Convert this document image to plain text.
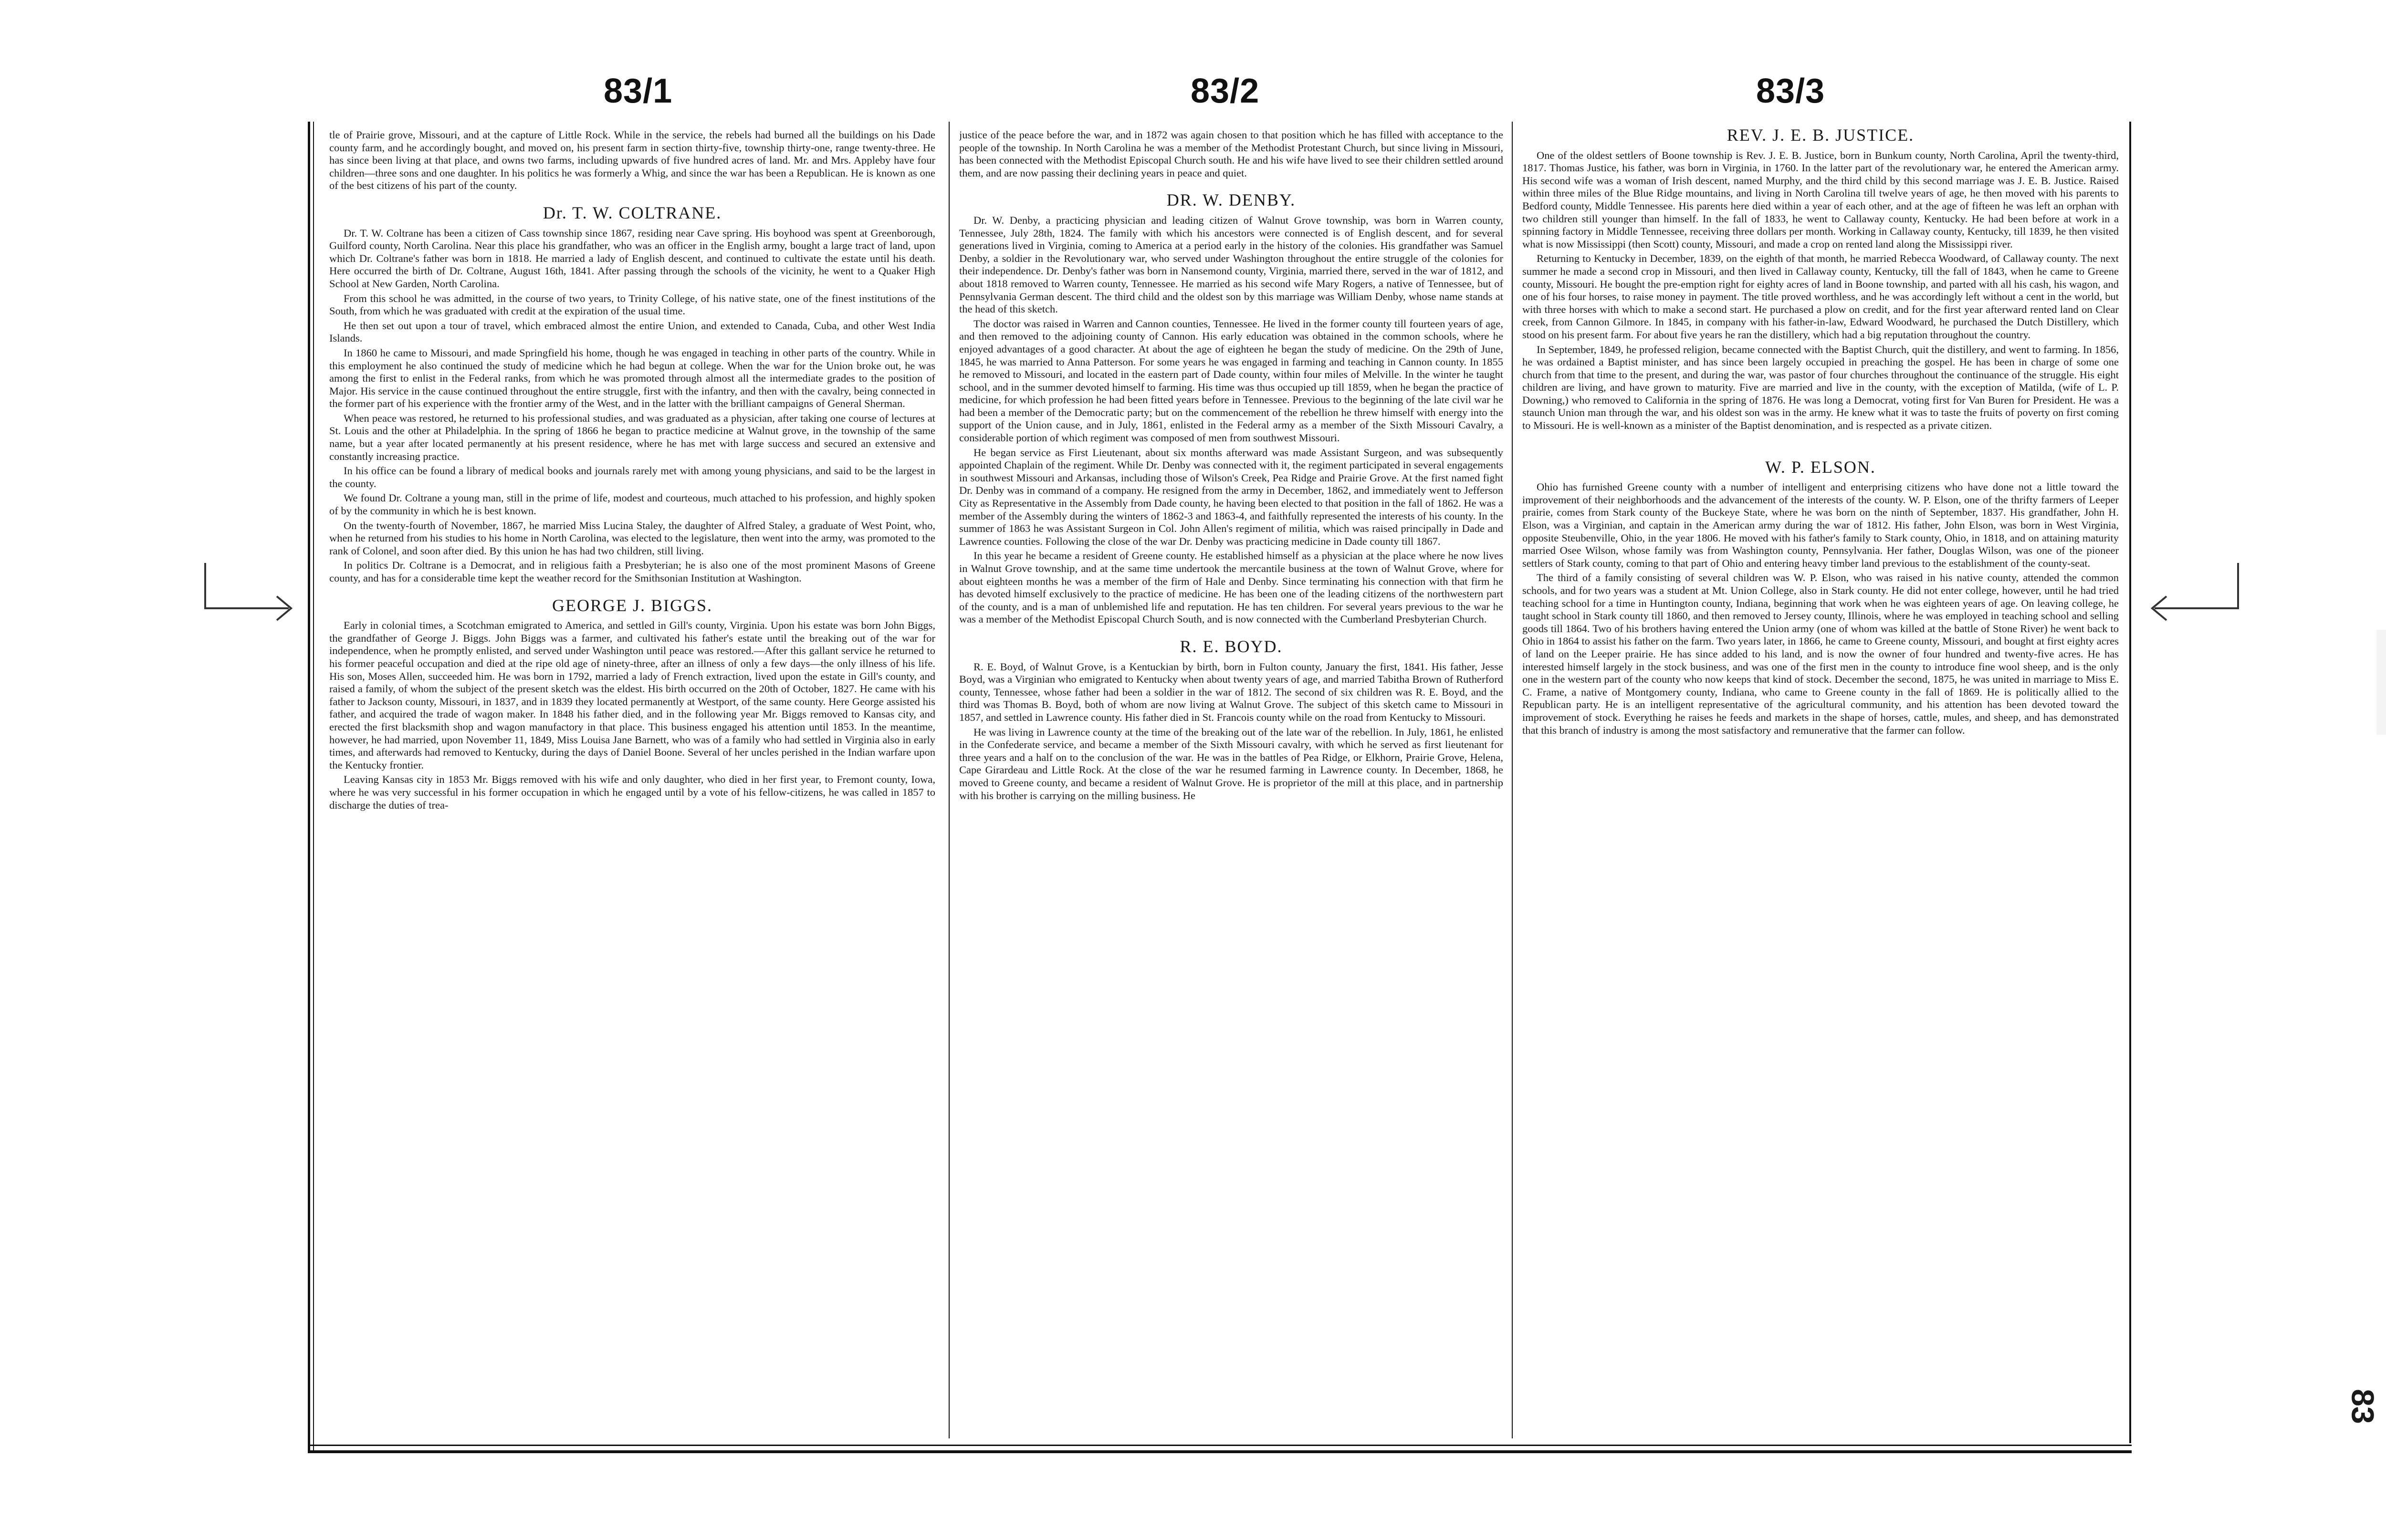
83/1	83/2	83/3

tle of Prairie grove, Missouri, and at the capture of Little Rock. While in the service, the rebels had burned all the buildings on his Dade county farm, and he accordingly bought, and moved on, his present farm in section thirty-five, township thirty-one, range twenty-three. He has since been living at that place, and owns two farms, including upwards of five hundred acres of land. Mr. and Mrs. Appleby have four children—three sons and one daughter. In his politics he was formerly a Whig, and since the war has been a Republican. He is known as one of the best citizens of his part of the county.

Dr. T. W. COLTRANE.

Dr. T. W. Coltrane has been a citizen of Cass township since 1867, residing near Cave spring. His boyhood was spent at Greenborough, Guilford county, North Carolina. Near this place his grandfather, who was an officer in the English army, bought a large tract of land, upon which Dr. Coltrane's father was born in 1818. He married a lady of English descent, and continued to cultivate the estate until his death. Here occurred the birth of Dr. Coltrane, August 16th, 1841. After passing through the schools of the vicinity, he went to a Quaker High School at New Garden, North Carolina.

From this school he was admitted, in the course of two years, to Trinity College, of his native state, one of the finest institutions of the South, from which he was graduated with credit at the expiration of the usual time.

He then set out upon a tour of travel, which embraced almost the entire Union, and extended to Canada, Cuba, and other West India Islands.

In 1860 he came to Missouri, and made Springfield his home, though he was engaged in teaching in other parts of the country. While in this employment he also continued the study of medicine which he had begun at college. When the war for the Union broke out, he was among the first to enlist in the Federal ranks, from which he was promoted through almost all the intermediate grades to the position of Major. His service in the cause continued throughout the entire struggle, first with the infantry, and then with the cavalry, being connected in the former part of his experience with the frontier army of the West, and in the latter with the brilliant campaigns of General Sherman.

When peace was restored, he returned to his professional studies, and was graduated as a physician, after taking one course of lectures at St. Louis and the other at Philadelphia. In the spring of 1866 he began to practice medicine at Walnut grove, in the township of the same name, but a year after located permanently at his present residence, where he has met with large success and secured an extensive and constantly increasing practice.

In his office can be found a library of medical books and journals rarely met with among young physicians, and said to be the largest in the county.

We found Dr. Coltrane a young man, still in the prime of life, modest and courteous, much attached to his profession, and highly spoken of by the community in which he is best known.

On the twenty-fourth of November, 1867, he married Miss Lucina Staley, the daughter of Alfred Staley, a graduate of West Point, who, when he returned from his studies to his home in North Carolina, was elected to the legislature, then went into the army, was promoted to the rank of Colonel, and soon after died. By this union he has had two children, still living.

In politics Dr. Coltrane is a Democrat, and in religious faith a Presbyterian; he is also one of the most prominent Masons of Greene county, and has for a considerable time kept the weather record for the Smithsonian Institution at Washington.

GEORGE J. BIGGS.

Early in colonial times, a Scotchman emigrated to America, and settled in Gill's county, Virginia. Upon his estate was born John Biggs, the grandfather of George J. Biggs. John Biggs was a farmer, and cultivated his father's estate until the breaking out of the war for independence, when he promptly enlisted, and served under Washington until peace was restored.—After this gallant service he returned to his former peaceful occupation and died at the ripe old age of ninety-three, after an illness of only a few days—the only illness of his life. His son, Moses Allen, succeeded him. He was born in 1792, married a lady of French extraction, lived upon the estate in Gill's county, and raised a family, of whom the subject of the present sketch was the eldest. His birth occurred on the 20th of October, 1827. He came with his father to Jackson county, Missouri, in 1837, and in 1839 they located permanently at Westport, of the same county. Here George assisted his father, and acquired the trade of wagon maker. In 1848 his father died, and in the following year Mr. Biggs removed to Kansas city, and erected the first blacksmith shop and wagon manufactory in that place. This business engaged his attention until 1853. In the meantime, however, he had married, upon November 11, 1849, Miss Louisa Jane Barnett, who was of a family who had settled in Virginia also in early times, and afterwards had removed to Kentucky, during the days of Daniel Boone. Several of her uncles perished in the Indian warfare upon the Kentucky frontier.

Leaving Kansas city in 1853 Mr. Biggs removed with his wife and only daughter, who died in her first year, to Fremont county, Iowa, where he was very successful in his former occupation in which he engaged until by a vote of his fellow-citizens, he was called in 1857 to discharge the duties of trea-

justice of the peace before the war, and in 1872 was again chosen to that position which he has filled with acceptance to the people of the township. In North Carolina he was a member of the Methodist Protestant Church, but since living in Missouri, has been connected with the Methodist Episcopal Church south. He and his wife have lived to see their children settled around them, and are now passing their declining years in peace and quiet.

DR. W. DENBY.

Dr. W. Denby, a practicing physician and leading citizen of Walnut Grove township, was born in Warren county, Tennessee, July 28th, 1824. The family with which his ancestors were connected is of English descent, and for several generations lived in Virginia, coming to America at a period early in the history of the colonies. His grandfather was Samuel Denby, a soldier in the Revolutionary war, who served under Washington throughout the entire struggle of the colonies for their independence. Dr. Denby's father was born in Nansemond county, Virginia, married there, served in the war of 1812, and about 1818 removed to Warren county, Tennessee. He married as his second wife Mary Rogers, a native of Tennessee, but of Pennsylvania German descent. The third child and the oldest son by this marriage was William Denby, whose name stands at the head of this sketch.

The doctor was raised in Warren and Cannon counties, Tennessee. He lived in the former county till fourteen years of age, and then removed to the adjoining county of Cannon. His early education was obtained in the common schools, where he enjoyed advantages of a good character. At about the age of eighteen he began the study of medicine. On the 29th of June, 1845, he was married to Anna Patterson. For some years he was engaged in farming and teaching in Cannon county. In 1855 he removed to Missouri, and located in the eastern part of Dade county, within four miles of Melville. In the winter he taught school, and in the summer devoted himself to farming. His time was thus occupied up till 1859, when he began the practice of medicine, for which profession he had been fitted years before in Tennessee. Previous to the beginning of the late civil war he had been a member of the Democratic party; but on the commencement of the rebellion he threw himself with energy into the support of the Union cause, and in July, 1861, enlisted in the Federal army as a member of the Sixth Missouri Cavalry, a considerable portion of which regiment was composed of men from southwest Missouri.

He began service as First Lieutenant, about six months afterward was made Assistant Surgeon, and was subsequently appointed Chaplain of the regiment. While Dr. Denby was connected with it, the regiment participated in several engagements in southwest Missouri and Arkansas, including those of Wilson's Creek, Pea Ridge and Prairie Grove. At the first named fight Dr. Denby was in command of a company. He resigned from the army in December, 1862, and immediately went to Jefferson City as Representative in the Assembly from Dade county, he having been elected to that position in the fall of 1862. He was a member of the Assembly during the winters of 1862-3 and 1863-4, and faithfully represented the interests of his county. In the summer of 1863 he was Assistant Surgeon in Col. John Allen's regiment of militia, which was raised principally in Dade and Lawrence counties. Following the close of the war Dr. Denby was practicing medicine in Dade county till 1867.

In this year he became a resident of Greene county. He established himself as a physician at the place where he now lives in Walnut Grove township, and at the same time undertook the mercantile business at the town of Walnut Grove, where for about eighteen months he was a member of the firm of Hale and Denby. Since terminating his connection with that firm he has devoted himself exclusively to the practice of medicine. He has been one of the leading citizens of the northwestern part of the county, and is a man of unblemished life and reputation. He has ten children. For several years previous to the war he was a member of the Methodist Episcopal Church South, and is now connected with the Cumberland Presbyterian Church.

R. E. BOYD.

R. E. Boyd, of Walnut Grove, is a Kentuckian by birth, born in Fulton county, January the first, 1841. His father, Jesse Boyd, was a Virginian who emigrated to Kentucky when about twenty years of age, and married Tabitha Brown of Rutherford county, Tennessee, whose father had been a soldier in the war of 1812. The second of six children was R. E. Boyd, and the third was Thomas B. Boyd, both of whom are now living at Walnut Grove. The subject of this sketch came to Missouri in 1857, and settled in Lawrence county. His father died in St. Francois county while on the road from Kentucky to Missouri.

He was living in Lawrence county at the time of the breaking out of the late war of the rebellion. In July, 1861, he enlisted in the Confederate service, and became a member of the Sixth Missouri cavalry, with which he served as first lieutenant for three years and a half on to the conclusion of the war. He was in the battles of Pea Ridge, or Elkhorn, Prairie Grove, Helena, Cape Girardeau and Little Rock. At the close of the war he resumed farming in Lawrence county. In December, 1868, he moved to Greene county, and became a resident of Walnut Grove. He is proprietor of the mill at this place, and in partnership with his brother is carrying on the milling business. He

REV. J. E. B. JUSTICE.

One of the oldest settlers of Boone township is Rev. J. E. B. Justice, born in Bunkum county, North Carolina, April the twenty-third, 1817. Thomas Justice, his father, was born in Virginia, in 1760. In the latter part of the revolutionary war, he entered the American army. His second wife was a woman of Irish descent, named Murphy, and the third child by this second marriage was J. E. B. Justice. Raised within three miles of the Blue Ridge mountains, and living in North Carolina till twelve years of age, he then moved with his parents to Bedford county, Middle Tennessee. His parents here died within a year of each other, and at the age of fifteen he was left an orphan with two children still younger than himself. In the fall of 1833, he went to Callaway county, Kentucky. He had been before at work in a spinning factory in Middle Tennessee, receiving three dollars per month. Working in Callaway county, Kentucky, till 1839, he then visited what is now Mississippi (then Scott) county, Missouri, and made a crop on rented land along the Mississippi river.

Returning to Kentucky in December, 1839, on the eighth of that month, he married Rebecca Woodward, of Callaway county. The next summer he made a second crop in Missouri, and then lived in Callaway county, Kentucky, till the fall of 1843, when he came to Greene county, Missouri. He bought the pre-emption right for eighty acres of land in Boone township, and parted with all his cash, his wagon, and one of his four horses, to raise money in payment. The title proved worthless, and he was accordingly left without a cent in the world, but with three horses with which to make a second start. He purchased a plow on credit, and for the first year afterward rented land on Clear creek, from Cannon Gilmore. In 1845, in company with his father-in-law, Edward Woodward, he purchased the Dutch Distillery, which stood on his present farm. For about five years he ran the distillery, which had a big reputation throughout the country.

In September, 1849, he professed religion, became connected with the Baptist Church, quit the distillery, and went to farming. In 1856, he was ordained a Baptist minister, and has since been largely occupied in preaching the gospel. He has been in charge of some one church from that time to the present, and during the war, was pastor of four churches throughout the continuance of the struggle. His eight children are living, and have grown to maturity. Five are married and live in the county, with the exception of Matilda, (wife of L. P. Downing,) who removed to California in the spring of 1876. He was long a Democrat, voting first for Van Buren for President. He was a staunch Union man through the war, and his oldest son was in the army. He knew what it was to taste the fruits of poverty on first coming to Missouri. He is well-known as a minister of the Baptist denomination, and is respected as a private citizen.

W. P. ELSON.

Ohio has furnished Greene county with a number of intelligent and enterprising citizens who have done not a little toward the improvement of their neighborhoods and the advancement of the interests of the county. W. P. Elson, one of the thrifty farmers of Leeper prairie, comes from Stark county of the Buckeye State, where he was born on the ninth of September, 1837. His grandfather, John H. Elson, was a Virginian, and captain in the American army during the war of 1812. His father, John Elson, was born in West Virginia, opposite Steubenville, Ohio, in the year 1806. He moved with his father's family to Stark county, Ohio, in 1818, and on attaining maturity married Osee Wilson, whose family was from Washington county, Pennsylvania. Her father, Douglas Wilson, was one of the pioneer settlers of Stark county, coming to that part of Ohio and entering heavy timber land previous to the establishment of the county-seat.

The third of a family consisting of several children was W. P. Elson, who was raised in his native county, attended the common schools, and for two years was a student at Mt. Union College, also in Stark county. He did not enter college, however, until he had tried teaching school for a time in Huntington county, Indiana, beginning that work when he was eighteen years of age. On leaving college, he taught school in Stark county till 1860, and then removed to Jersey county, Illinois, where he was employed in teaching school and selling goods till 1864. Two of his brothers having entered the Union army (one of whom was killed at the battle of Stone River) he went back to Ohio in 1864 to assist his father on the farm. Two years later, in 1866, he came to Greene county, Missouri, and bought at first eighty acres of land on the Leeper prairie. He has since added to his land, and is now the owner of four hundred and twenty-five acres. He has interested himself largely in the stock business, and was one of the first men in the county to introduce fine wool sheep, and is the only one in the western part of the county who now keeps that kind of stock. December the second, 1875, he was united in marriage to Miss E. C. Frame, a native of Montgomery county, Indiana, who came to Greene county in the fall of 1869. He is politically allied to the Republican party. He is an intelligent representative of the agricultural community, and his attention has been devoted toward the improvement of stock. Everything he raises he feeds and markets in the shape of horses, cattle, mules, and sheep, and has demonstrated that this branch of industry is among the most satisfactory and remunerative that the farmer can follow.

83
